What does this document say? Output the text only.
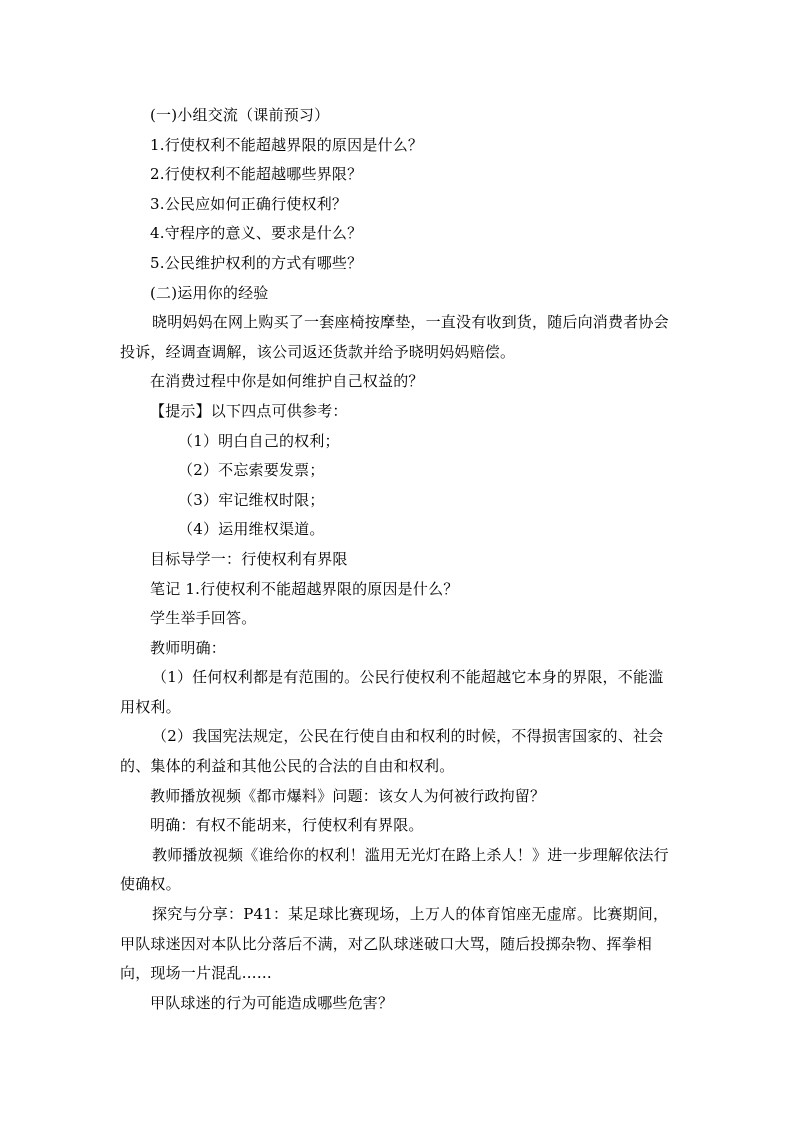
(一)小组交流（课前预习）
1.行使权利不能超越界限的原因是什么？
2.行使权利不能超越哪些界限？
3.公民应如何正确行使权利？
4.守程序的意义、要求是什么？
5.公民维护权利的方式有哪些？
(二)运用你的经验
晓明妈妈在网上购买了一套座椅按摩垫，一直没有收到货，随后向消费者协会投诉，经调查调解，该公司返还货款并给予晓明妈妈赔偿。
在消费过程中你是如何维护自己权益的？
【提示】以下四点可供参考：
（1）明白自己的权利；
（2）不忘索要发票；
（3）牢记维权时限；
（4）运用维权渠道。
目标导学一：行使权利有界限
笔记 1.行使权利不能超越界限的原因是什么？
学生举手回答。
教师明确：
（1）任何权利都是有范围的。公民行使权利不能超越它本身的界限，不能滥用权利。
（2）我国宪法规定，公民在行使自由和权利的时候，不得损害国家的、社会的、集体的利益和其他公民的合法的自由和权利。
教师播放视频《都市爆料》问题：该女人为何被行政拘留？
明确：有权不能胡来，行使权利有界限。
教师播放视频《谁给你的权利！滥用无光灯在路上杀人！》进一步理解依法行使确权。
探究与分享：P41：某足球比赛现场，上万人的体育馆座无虚席。比赛期间，甲队球迷因对本队比分落后不满，对乙队球迷破口大骂，随后投掷杂物、挥拳相向，现场一片混乱……
甲队球迷的行为可能造成哪些危害？
